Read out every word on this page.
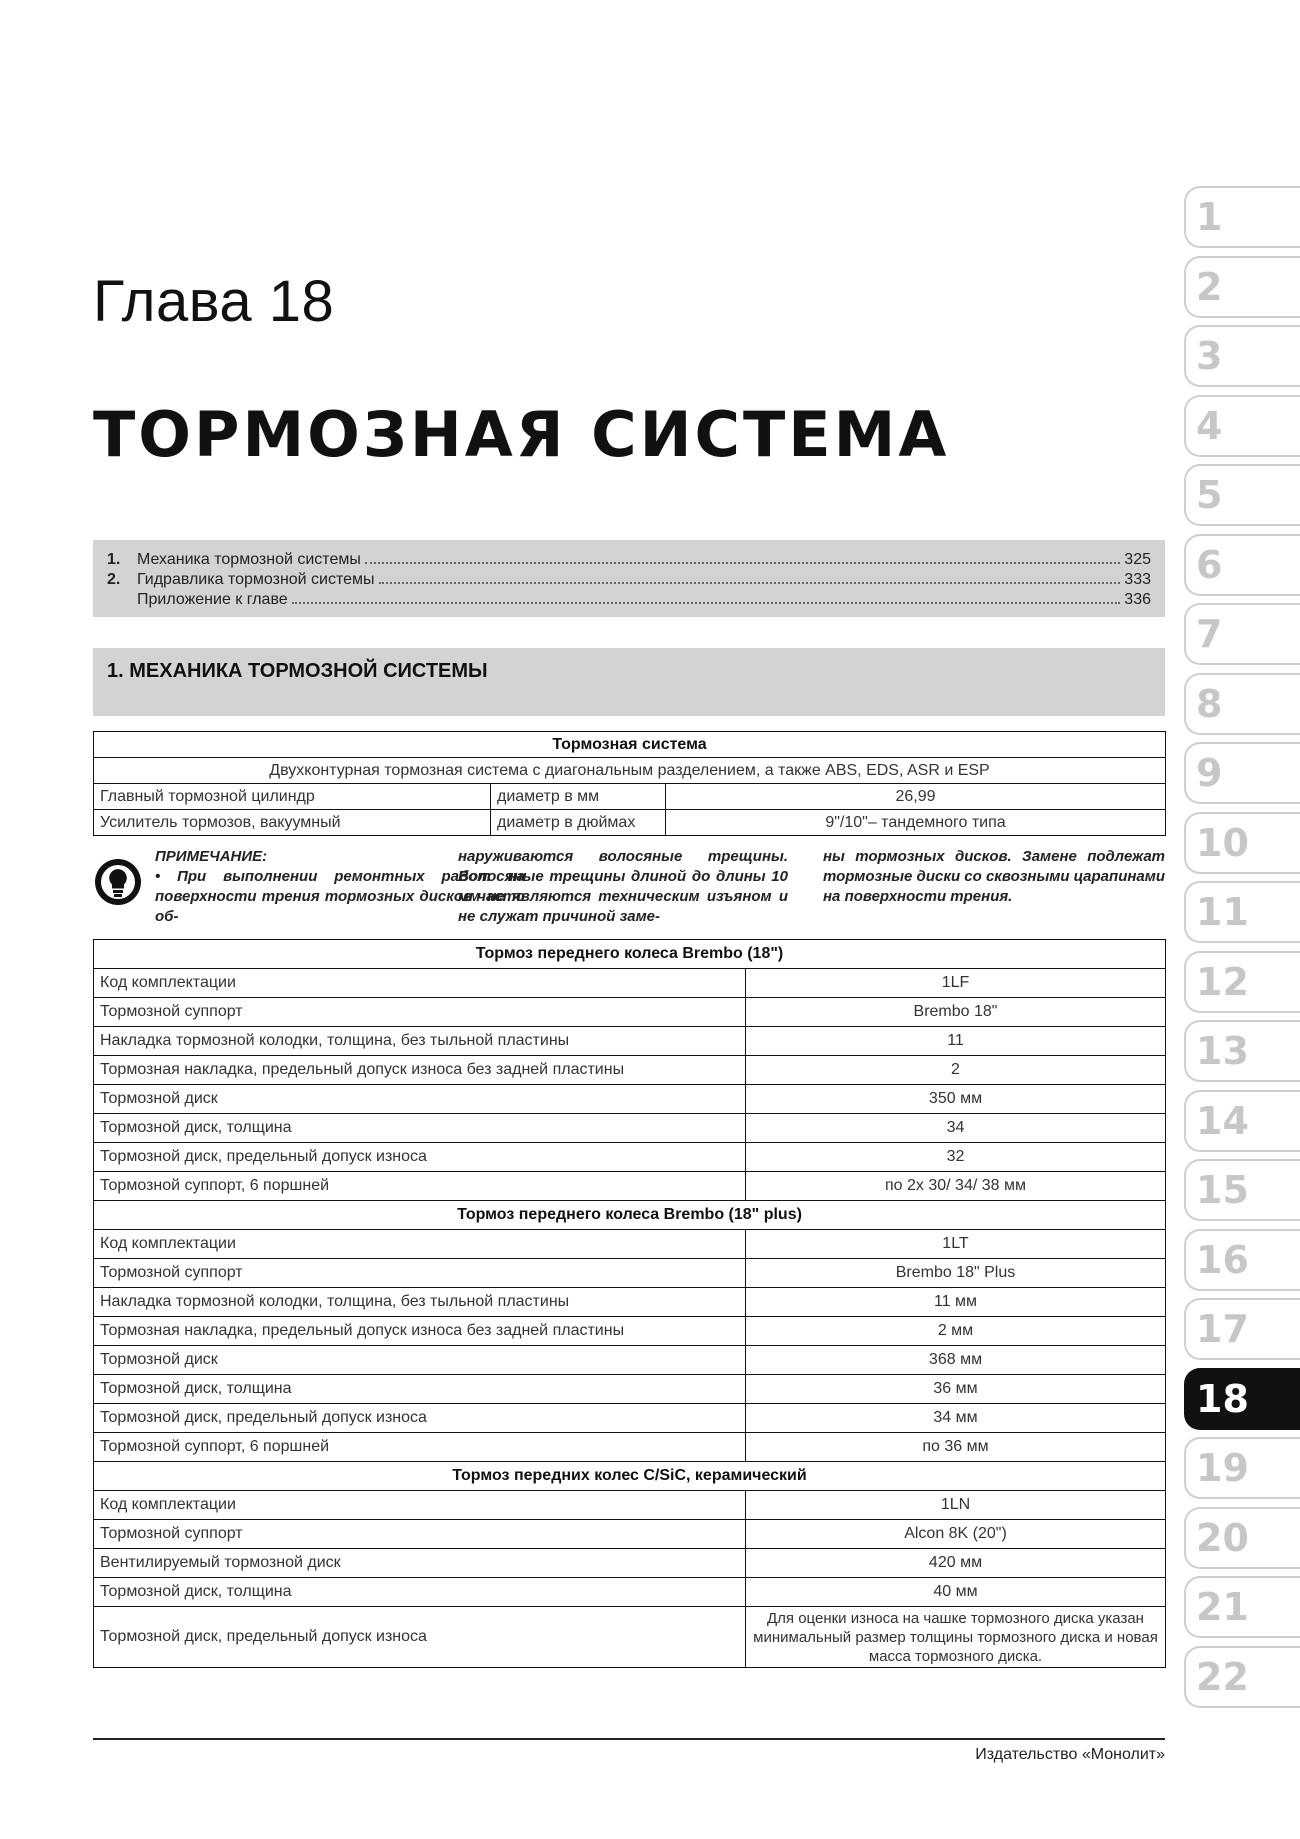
Глава 18
ТОРМОЗНАЯ СИСТЕМА
1.	Механика тормозной системы	325
2.	Гидравлика тормозной системы	333
Приложение к главе	336
1. МЕХАНИКА ТОРМОЗНОЙ СИСТЕМЫ
Тормозная система		
Двухконтурная тормозная система с диагональным разделением, а также ABS, EDS, ASR и ESP		
Главный тормозной цилиндр	диаметр в мм	26,99
Усилитель тормозов, вакуумный	диаметр в дюймах	9"/10"– тандемного типа
ПРИМЕЧАНИЕ:
• При выполнении ремонтных работ на поверхности трения тормозных дисков часто об-
наруживаются волосяные трещины. Волосяные трещины длиной до длины 10 мм не являются техническим изъяном и не служат причиной заме-
ны тормозных дисков. Замене подлежат тормозные диски со сквозными царапинами на поверхности трения.
Тормоз переднего колеса Brembo (18")	
Код комплектации	1LF
Тормозной суппорт	Brembo 18"
Накладка тормозной колодки, толщина, без тыльной пластины	11
Тормозная накладка, предельный допуск износа без задней пластины	2
Тормозной диск	350 мм
Тормозной диск, толщина	34
Тормозной диск, предельный допуск износа	32
Тормозной суппорт, 6 поршней	по 2x 30/ 34/ 38 мм
Тормоз переднего колеса Brembo (18" plus)	
Код комплектации	1LT
Тормозной суппорт	Brembo 18" Plus
Накладка тормозной колодки, толщина, без тыльной пластины	11 мм
Тормозная накладка, предельный допуск износа без задней пластины	2 мм
Тормозной диск	368 мм
Тормозной диск, толщина	36 мм
Тормозной диск, предельный допуск износа	34 мм
Тормозной суппорт, 6 поршней	по 36 мм
Тормоз передних колес C/SiC, керамический	
Код комплектации	1LN
Тормозной суппорт	Alcon 8K (20")
Вентилируемый тормозной диск	420 мм
Тормозной диск, толщина	40 мм
Тормозной диск, предельный допуск износа	Для оценки износа на чашке тормозного диска указан минимальный размер толщины тормозного диска и новая масса тормозного диска.
Издательство «Монолит»
1
2
3
4
5
6
7
8
9
10
11
12
13
14
15
16
17
18
19
20
21
22
